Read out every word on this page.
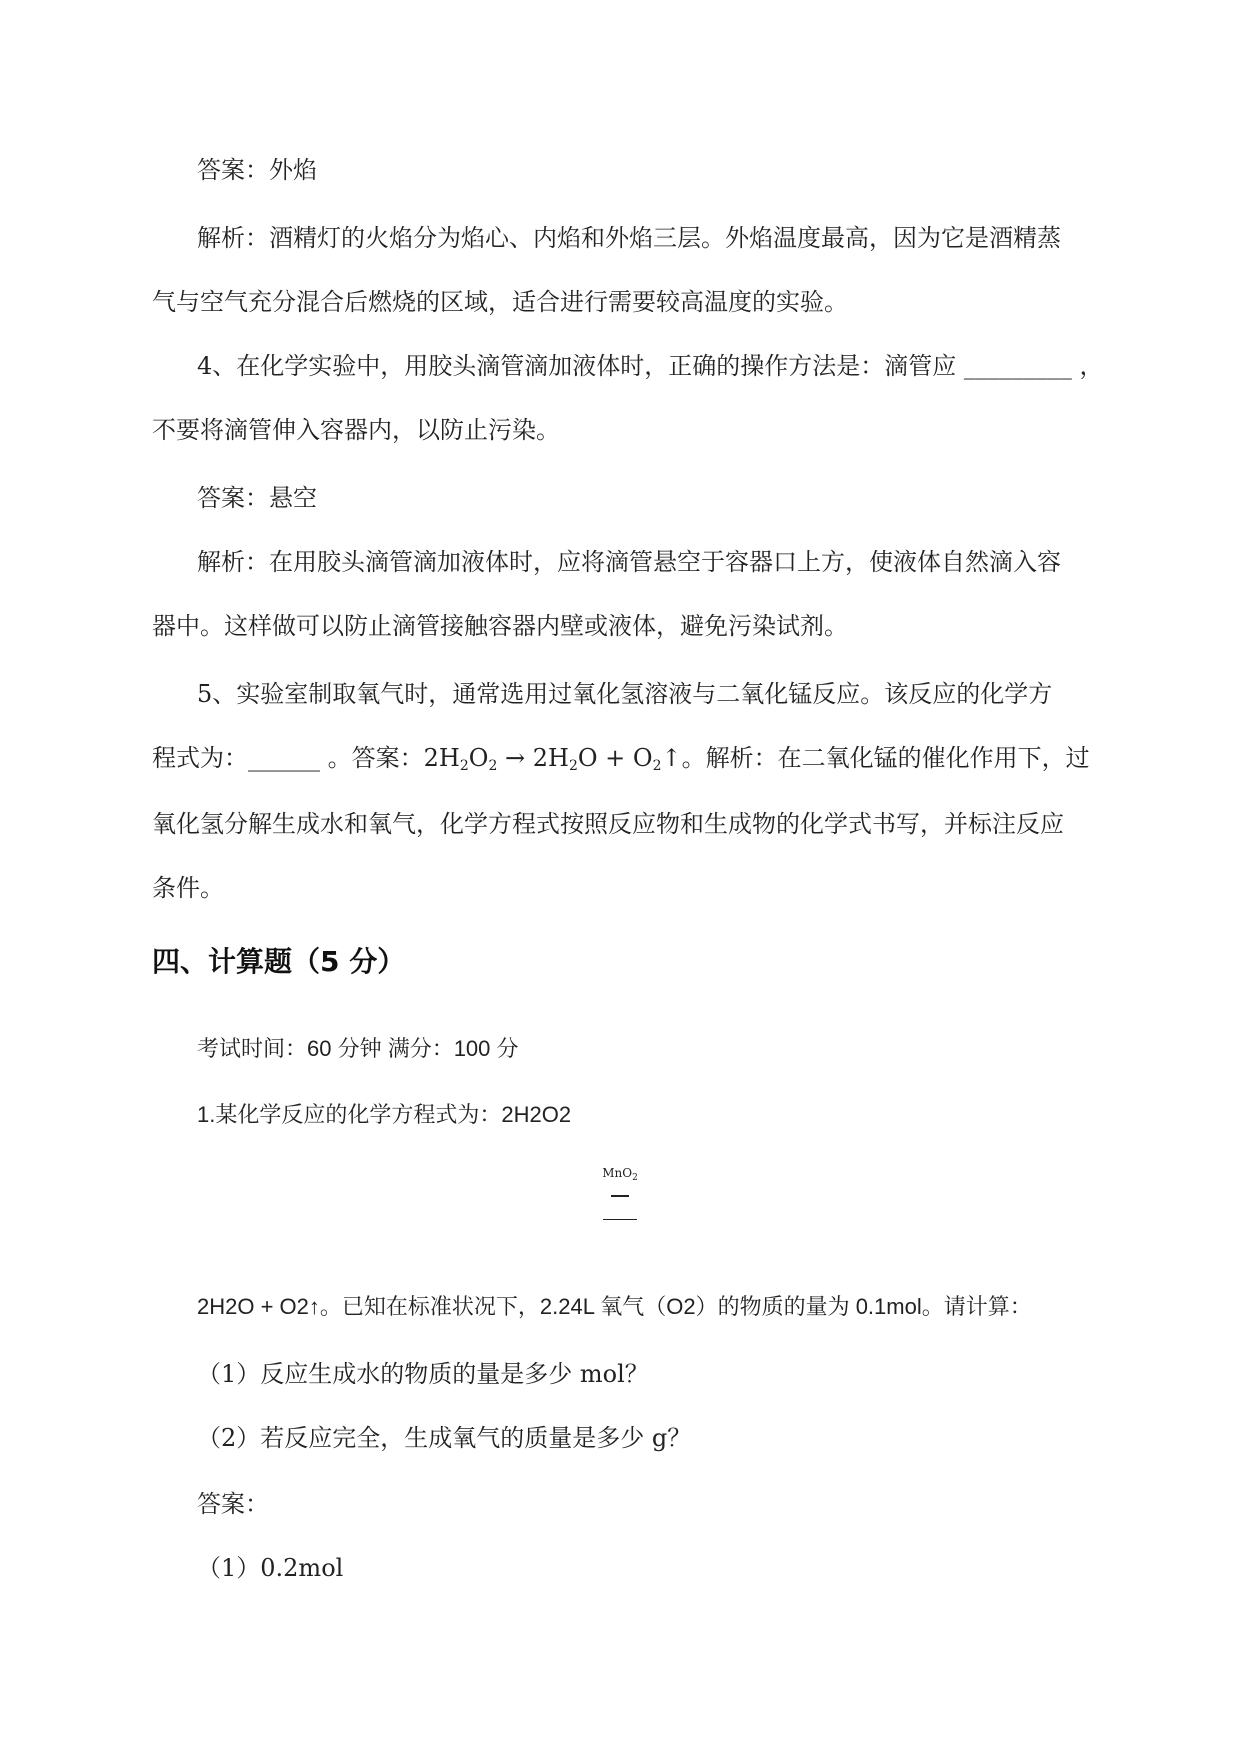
答案：外焰
解析：酒精灯的火焰分为焰心、内焰和外焰三层。外焰温度最高，因为它是酒精蒸
气与空气充分混合后燃烧的区域，适合进行需要较高温度的实验。
4、在化学实验中，用胶头滴管滴加液体时，正确的操作方法是：滴管应 _________ ，
不要将滴管伸入容器内，以防止污染。
答案：悬空
解析：在用胶头滴管滴加液体时，应将滴管悬空于容器口上方，使液体自然滴入容
器中。这样做可以防止滴管接触容器内壁或液体，避免污染试剂。
5、实验室制取氧气时，通常选用过氧化氢溶液与二氧化锰反应。该反应的化学方
程式为：______ 。答案：$2H_2O_2 \to 2H_2O$ + $O_2↑$。解析：在二氧化锰的催化作用下，过
氧化氢分解生成水和氧气，化学方程式按照反应物和生成物的化学式书写，并标注反应
条件。
四、计算题（5 分）
考试时间：60 分钟 满分：100 分
1.某化学反应的化学方程式为：2H2O2
MnO$_2$
2H2O + O2↑。已知在标准状况下，2.24L 氧气（O2）的物质的量为 0.1mol。请计算：
（1）反应生成水的物质的量是多少 mol？
（2）若反应完全，生成氧气的质量是多少 g？
答案：
（1）0.2mol
